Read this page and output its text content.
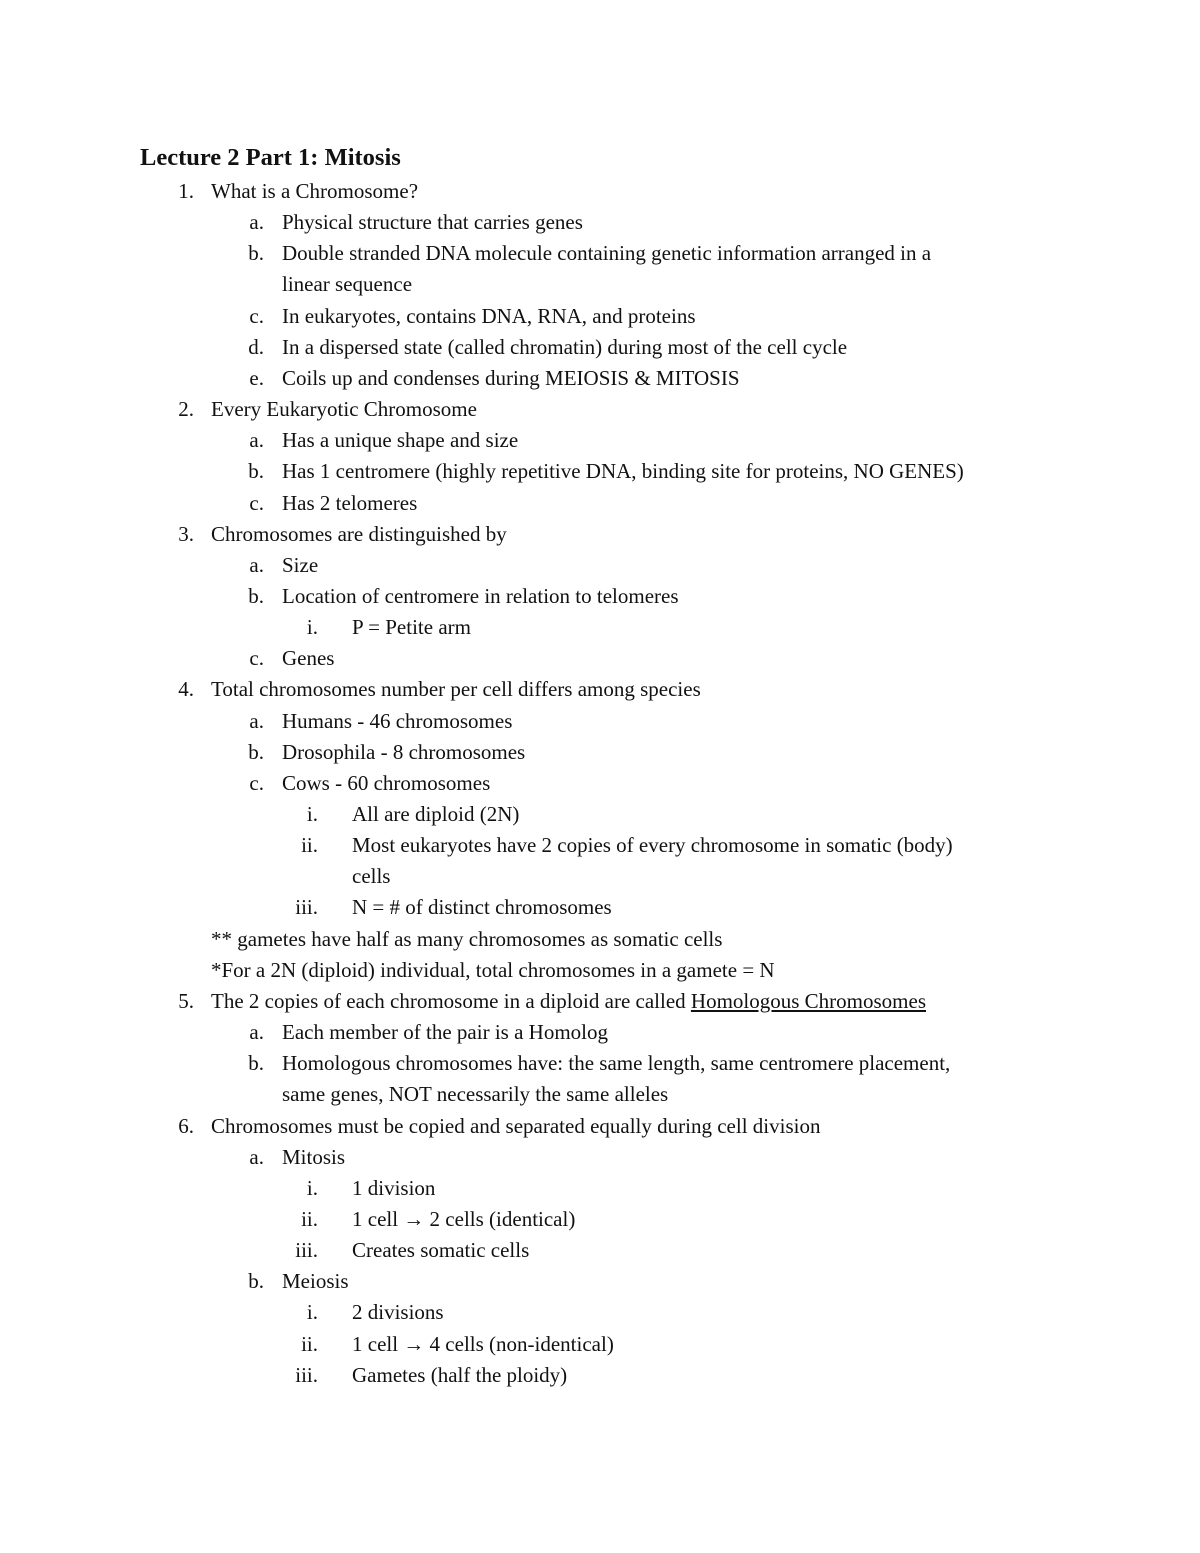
Lecture 2 Part 1: Mitosis
1. What is a Chromosome?
a. Physical structure that carries genes
b. Double stranded DNA molecule containing genetic information arranged in a
linear sequence
c. In eukaryotes, contains DNA, RNA, and proteins
d. In a dispersed state (called chromatin) during most of the cell cycle
e. Coils up and condenses during MEIOSIS & MITOSIS
2. Every Eukaryotic Chromosome
a. Has a unique shape and size
b. Has 1 centromere (highly repetitive DNA, binding site for proteins, NO GENES)
c. Has 2 telomeres
3. Chromosomes are distinguished by
a. Size
b. Location of centromere in relation to telomeres
i. P = Petite arm
c. Genes
4. Total chromosomes number per cell differs among species
a. Humans - 46 chromosomes
b. Drosophila - 8 chromosomes
c. Cows - 60 chromosomes
i. All are diploid (2N)
ii. Most eukaryotes have 2 copies of every chromosome in somatic (body)
cells
iii. N = # of distinct chromosomes
** gametes have half as many chromosomes as somatic cells
*For a 2N (diploid) individual, total chromosomes in a gamete = N
5. The 2 copies of each chromosome in a diploid are called Homologous Chromosomes
a. Each member of the pair is a Homolog
b. Homologous chromosomes have: the same length, same centromere placement,
same genes, NOT necessarily the same alleles
6. Chromosomes must be copied and separated equally during cell division
a. Mitosis
i. 1 division
ii. 1 cell → 2 cells (identical)
iii. Creates somatic cells
b. Meiosis
i. 2 divisions
ii. 1 cell → 4 cells (non-identical)
iii. Gametes (half the ploidy)
